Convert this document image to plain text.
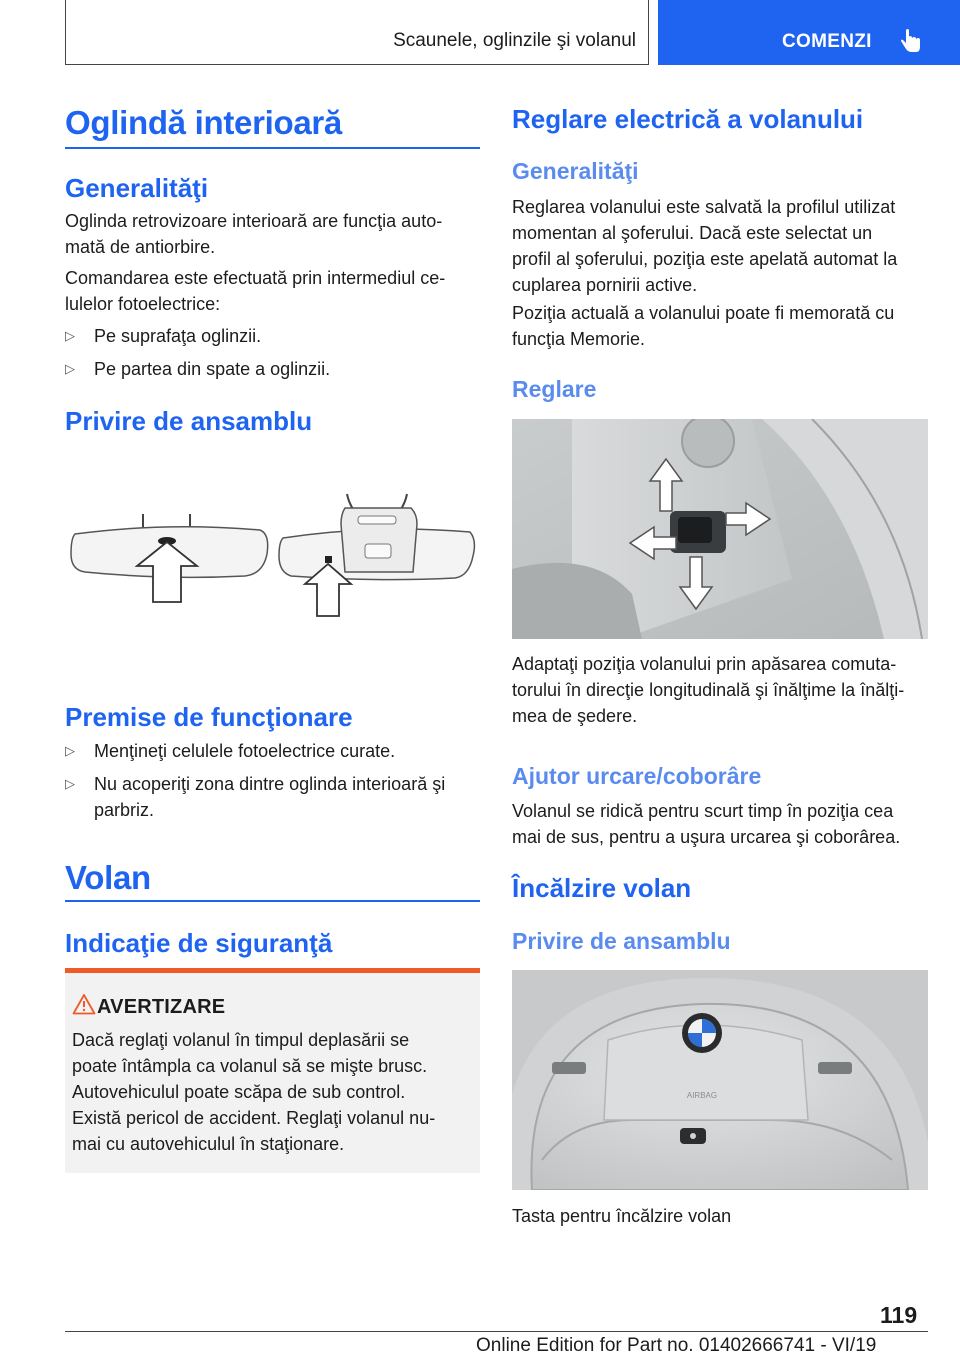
Scaunele, oglinzile şi volanul	COMENZI
Oglindă interioară
Generalităţi

Oglinda retrovizoare interioară are funcţia auto‐
mată de antiorbire.

Comandarea este efectuată prin intermediul ce‐
lulelor fotoelectrice:

▷ Pe suprafaţa oglinzii.
▷ Pe partea din spate a oglinzii.
Privire de ansamblu
Premise de funcţionare
▷ Menţineţi celulele fotoelectrice curate.
▷ Nu acoperiţi zona dintre oglinda interioară şi
parbriz.
Volan
Indicaţie de siguranţă
AVERTIZARE

Dacă reglaţi volanul în timpul deplasării se
poate întâmpla ca volanul să se mişte brusc.
Autovehiculul poate scăpa de sub control.
Există pericol de accident. Reglaţi volanul nu‐
mai cu autovehiculul în staţionare.

Reglare electrică a volanului
Generalităţi

Reglarea volanului este salvată la profilul utilizat
momentan al şoferului. Dacă este selectat un
profil al şoferului, poziţia este apelată automat la
cuplarea pornirii active.

Poziţia actuală a volanului poate fi memorată cu
funcţia Memorie.

Reglare

Adaptaţi poziţia volanului prin apăsarea comuta‐
torului în direcţie longitudinală şi înălţime la înălţi‐
mea de şedere.

Ajutor urcare/coborâre

Volanul se ridică pentru scurt timp în poziţia cea
mai de sus, pentru a uşura urcarea şi coborârea.

Încălzire volan
Privire de ansamblu
AIRBAG

Tasta pentru încălzire volan

119
Online Edition for Part no. 01402666741 - VI/19
